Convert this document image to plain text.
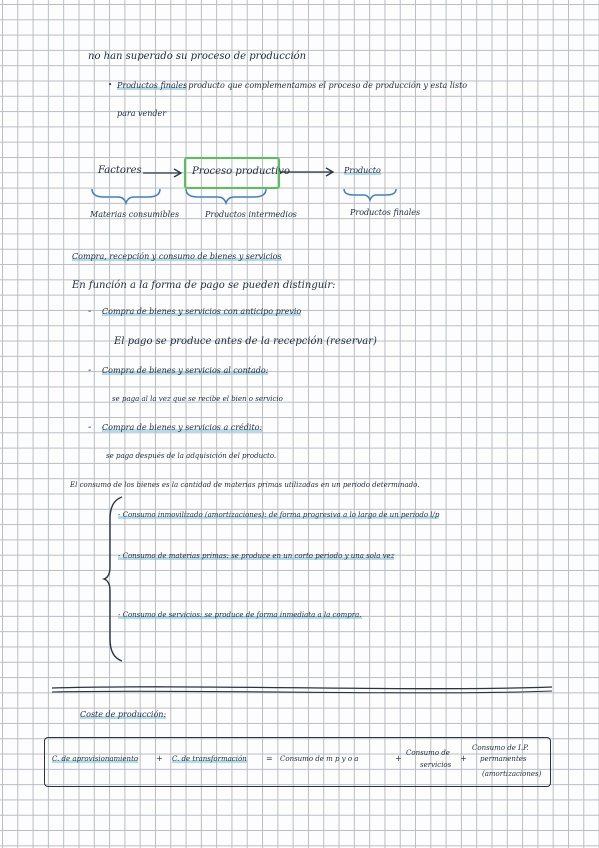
no han superado su proceso de producción
• Productos finales
: producto que complementamos el proceso de producción y esta listo
para vender
Factores	Proceso productivo	Producto
Materias consumibles	Productos intermedios	Productos finales
Compra, recepción y consumo de bienes y servicios
En función a la forma de pago se pueden distinguir:
- Compra de bienes y servicios con anticipo previo
El pago se produce antes de la recepción (reservar)
- Compra de bienes y servicios al contado:
se paga al la vez que se recibe el bien o servicio
- Compra de bienes y servicios a crédito:
se paga después de la adquisición del producto.
El consumo de los bienes es la cantidad de materias primas utilizadas en un periodo determinado.
- Consumo inmovilizado (amortizaciones): de forma progresiva a lo largo de un periodo l/p
- Consumo de materias primas: se produce en un corto periodo y una sola vez
- Consumo de servicios: se produce de forma inmediata a la compra.
Coste de producción:
C. de aprovisionamiento + C. de transformación = Consumo de m p y o a	+
Consumo de
servicios
+
Consumo de I.P.
permanentes
(amortizaciones)
